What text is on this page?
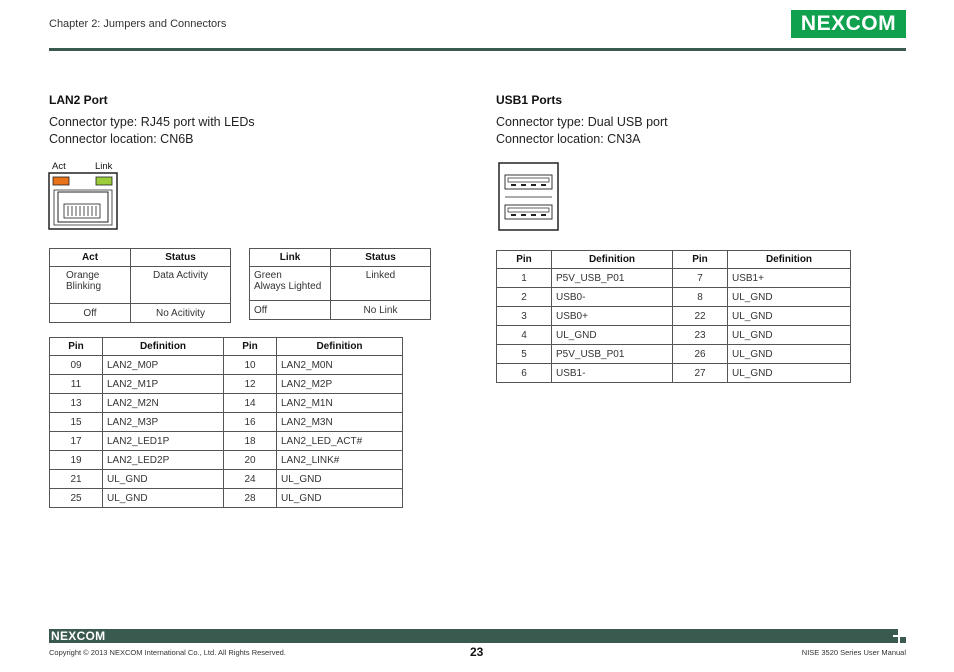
Chapter 2: Jumpers and Connectors	NEXCOM
LAN2 Port
Connector type: RJ45 port with LEDs
Connector location: CN6B
Act	Link
Act	Status
Orange
Blinking	Data Activity
Off	No Acitivity
Link	Status
Green
Always Lighted	Linked
Off	No Link
Pin	Definition	Pin	Definition
09	LAN2_M0P	10	LAN2_M0N
11	LAN2_M1P	12	LAN2_M2P
13	LAN2_M2N	14	LAN2_M1N
15	LAN2_M3P	16	LAN2_M3N
17	LAN2_LED1P	18	LAN2_LED_ACT#
19	LAN2_LED2P	20	LAN2_LINK#
21	UL_GND	24	UL_GND
25	UL_GND	28	UL_GND
USB1 Ports
Connector type: Dual USB port
Connector location: CN3A
Pin	Definition	Pin	Definition
1	P5V_USB_P01	7	USB1+
2	USB0-	8	UL_GND
3	USB0+	22	UL_GND
4	UL_GND	23	UL_GND
5	P5V_USB_P01	26	UL_GND
6	USB1-	27	UL_GND
NEXCOM
Copyright © 2013 NEXCOM International Co., Ltd. All Rights Reserved.	23	NISE 3520 Series User Manual
